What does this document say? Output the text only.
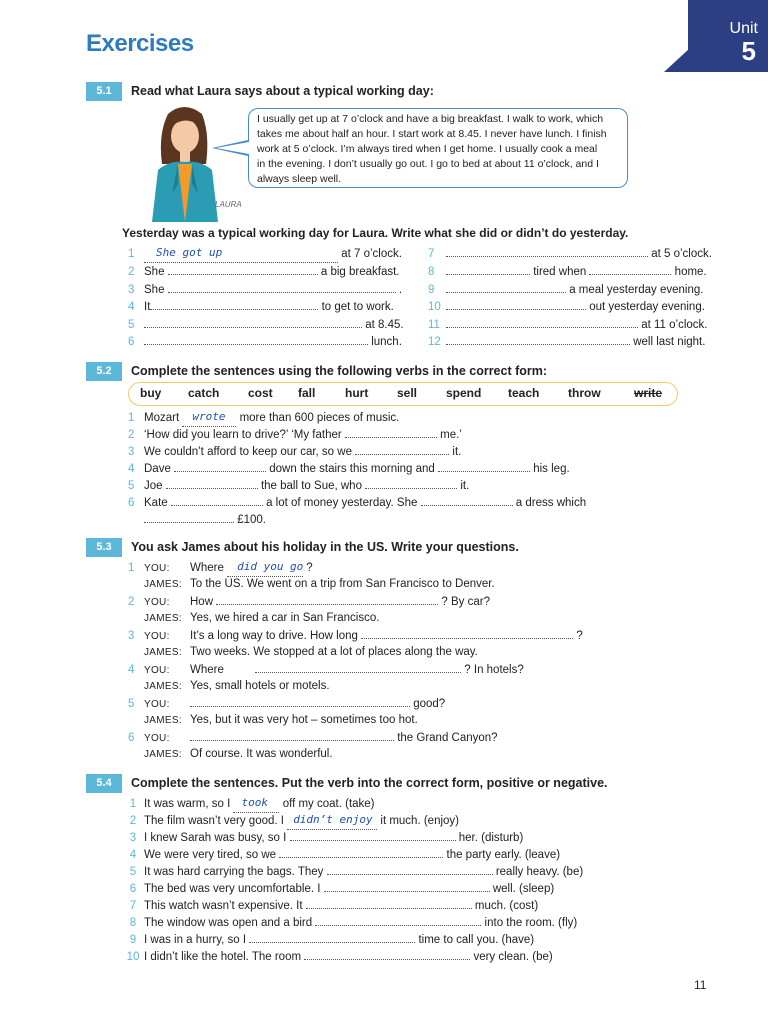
Unit
5
Exercises
5.1	Read what Laura says about a typical working day:
I usually get up at 7 o’clock and have a big breakfast. I walk to work, which
takes me about half an hour. I start work at 8.45. I never have lunch. I finish
work at 5 o’clock. I’m always tired when I get home. I usually cook a meal
in the evening. I don’t usually go out. I go to bed at about 11 o’clock, and I
always sleep well.
LAURA
Yesterday was a typical working day for Laura. Write what she did or didn’t do yesterday.
1 She got up	at 7 o’clock.
2 She	a big breakfast.
3 She	.
4 It	to get to work.
5	at 8.45.
6	lunch.
7	at 5 o’clock.
8	tired when	home.
9	a meal yesterday evening.
10	out yesterday evening.
11	at 11 o’clock.
12	well last night.
5.2	Complete the sentences using the following verbs in the correct form:
buy catch cost fall hurt sell spend teach throw	write
1 Mozart wrote more than 600 pieces of music.
2 ‘How did you learn to drive?’ ‘My father	me.’
3 We couldn’t afford to keep our car, so we	it.
4 Dave	down the stairs this morning and	his leg.
5 Joe	the ball to Sue, who	it.
6 Kate	a lot of money yesterday. She	a dress which
£100.
5.3	You ask James about his holiday in the US. Write your questions.
1 YOU: Where did you go ?
JAMES: To the US. We went on a trip from San Francisco to Denver.
2 YOU: How	? By car?
JAMES: Yes, we hired a car in San Francisco.
3 YOU: It’s a long way to drive. How long	?
JAMES: Two weeks. We stopped at a lot of places along the way.
4 YOU: Where	? In hotels?
JAMES: Yes, small hotels or motels.
5 YOU:	good?
JAMES: Yes, but it was very hot – sometimes too hot.
6 YOU:	the Grand Canyon?
JAMES: Of course. It was wonderful.
5.4	Complete the sentences. Put the verb into the correct form, positive or negative.
1 It was warm, so I took off my coat. (take)
2 The film wasn’t very good. I didn’t enjoy it much. (enjoy)
3 I knew Sarah was busy, so I	her. (disturb)
4 We were very tired, so we	the party early. (leave)
5 It was hard carrying the bags. They	really heavy. (be)
6 The bed was very uncomfortable. I	well. (sleep)
7 This watch wasn’t expensive. It	much. (cost)
8 The window was open and a bird	into the room. (fly)
9 I was in a hurry, so I	time to call you. (have)
10 I didn’t like the hotel. The room	very clean. (be)
11
